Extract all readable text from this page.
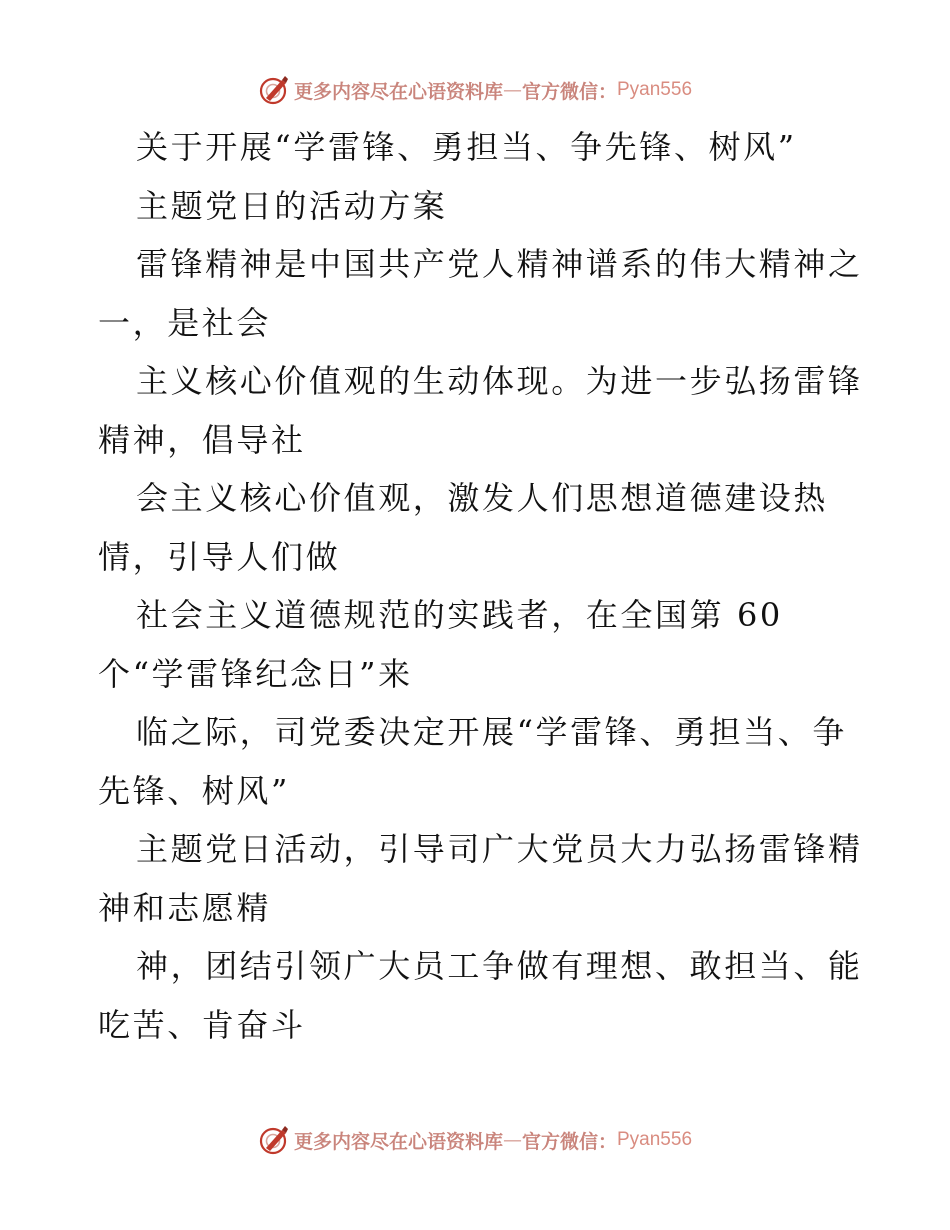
更多内容尽在心语资料库 — 官方微信： Pyan556
关于开展“学雷锋、勇担当、争先锋、树风”
主题党日的活动方案
雷锋精神是中国共产党人精神谱系的伟大精神之
一，是社会
主义核心价值观的生动体现。为进一步弘扬雷锋
精神，倡导社
会主义核心价值观，激发人们思想道德建设热
情，引导人们做
社会主义道德规范的实践者，在全国第 60
个“学雷锋纪念日”来
临之际，司党委决定开展“学雷锋、勇担当、争
先锋、树风”
主题党日活动，引导司广大党员大力弘扬雷锋精
神和志愿精
神，团结引领广大员工争做有理想、敢担当、能
吃苦、肯奋斗
更多内容尽在心语资料库 — 官方微信： Pyan556
